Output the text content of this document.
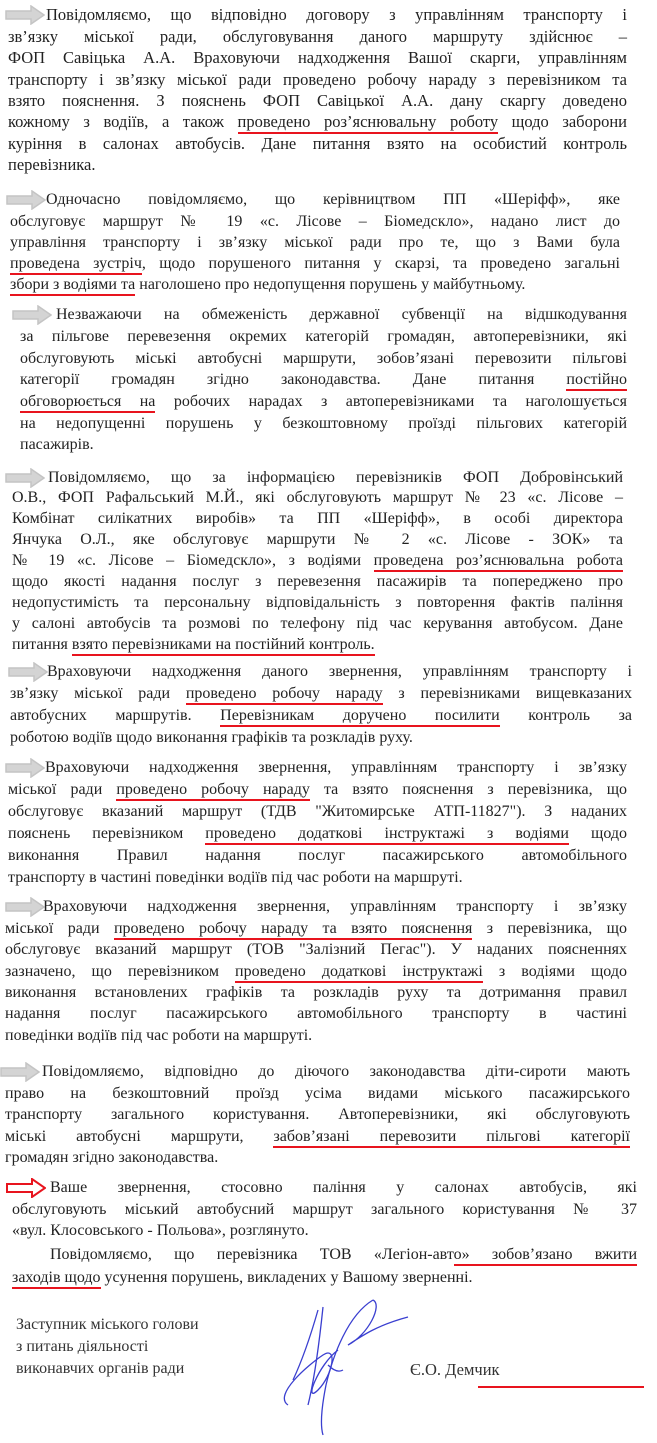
Повідомляємо, що відповідно договору з управлінням транспорту і
зв’язку міської ради, обслуговування даного маршруту здійснює –
ФОП Савіцька А.А. Враховуючи надходження Вашої скарги, управлінням
транспорту і зв’язку міської ради проведено робочу нараду з перевізником та
взято пояснення. З пояснень ФОП Савіцької А.А. дану скаргу доведено
кожному з водіїв, а також проведено роз’яснювальну роботу щодо заборони
куріння в салонах автобусів. Дане питання взято на особистий контроль
перевізника.
Одночасно повідомляємо, що керівництвом ПП «Шеріфф», яке
обслуговує маршрут № 19 «с. Лісове – Біомедскло», надано лист до
управління транспорту і зв’язку міської ради про те, що з Вами була
проведена зустріч, щодо порушеного питання у скарзі, та проведено загальні
збори з водіями та наголошено про недопущення порушень у майбутньому.
Незважаючи на обмеженість державної субвенції на відшкодування
за пільгове перевезення окремих категорій громадян, автоперевізники, які
обслуговують міські автобусні маршрути, зобов’язані перевозити пільгові
категорії громадян згідно законодавства. Дане питання постійно
обговорюється на робочих нарадах з автоперевізниками та наголошується
на недопущенні порушень у безкоштовному проїзді пільгових категорій
пасажирів.
Повідомляємо, що за інформацією перевізників ФОП Добровінський
О.В., ФОП Рафальський М.Й., які обслуговують маршрут № 23 «с. Лісове –
Комбінат силікатних виробів» та ПП «Шеріфф», в особі директора
Янчука О.Л., яке обслуговує маршрути № 2 «с. Лісове - ЗОК» та
№ 19 «с. Лісове – Біомедскло», з водіями проведена роз’яснювальна робота
щодо якості надання послуг з перевезення пасажирів та попереджено про
недопустимість та персональну відповідальність з повторення фактів паління
у салоні автобусів та розмові по телефону під час керування автобусом. Дане
питання взято перевізниками на постійний контроль.
Враховуючи надходження даного звернення, управлінням транспорту і
зв’язку міської ради проведено робочу нараду з перевізниками вищевказаних
автобусних маршрутів. Перевізникам доручено посилити контроль за
роботою водіїв щодо виконання графіків та розкладів руху.
Враховуючи надходження звернення, управлінням транспорту і зв’язку
міської ради проведено робочу нараду та взято пояснення з перевізника, що
обслуговує вказаний маршрут (ТДВ "Житомирське АТП-11827"). З наданих
пояснень перевізником проведено додаткові інструктажі з водіями щодо
виконання Правил надання послуг пасажирського автомобільного
транспорту в частині поведінки водіїв під час роботи на маршруті.
Враховуючи надходження звернення, управлінням транспорту і зв’язку
міської ради проведено робочу нараду та взято пояснення з перевізника, що
обслуговує вказаний маршрут (ТОВ "Залізний Пегас"). У наданих поясненнях
зазначено, що перевізником проведено додаткові інструктажі з водіями щодо
виконання встановлених графіків та розкладів руху та дотримання правил
надання послуг пасажирського автомобільного транспорту в частині
поведінки водіїв під час роботи на маршруті.
Повідомляємо, відповідно до діючого законодавства діти-сироти мають
право на безкоштовний проїзд усіма видами міського пасажирського
транспорту загального користування. Автоперевізники, які обслуговують
міські автобусні маршрути, забов’язані перевозити пільгові категорії
громадян згідно законодавства.
Ваше звернення, стосовно паління у салонах автобусів, які
обслуговують міський автобусний маршрут загального користування № 37
«вул. Клосовського - Польова», розглянуто.
Повідомляємо, що перевізника ТОВ «Легіон-авто» зобов’язано вжити
заходів щодо усунення порушень, викладених у Вашому зверненні.
Заступник міського голови
з питань діяльності
виконавчих органів ради	Є.О. Демчик
